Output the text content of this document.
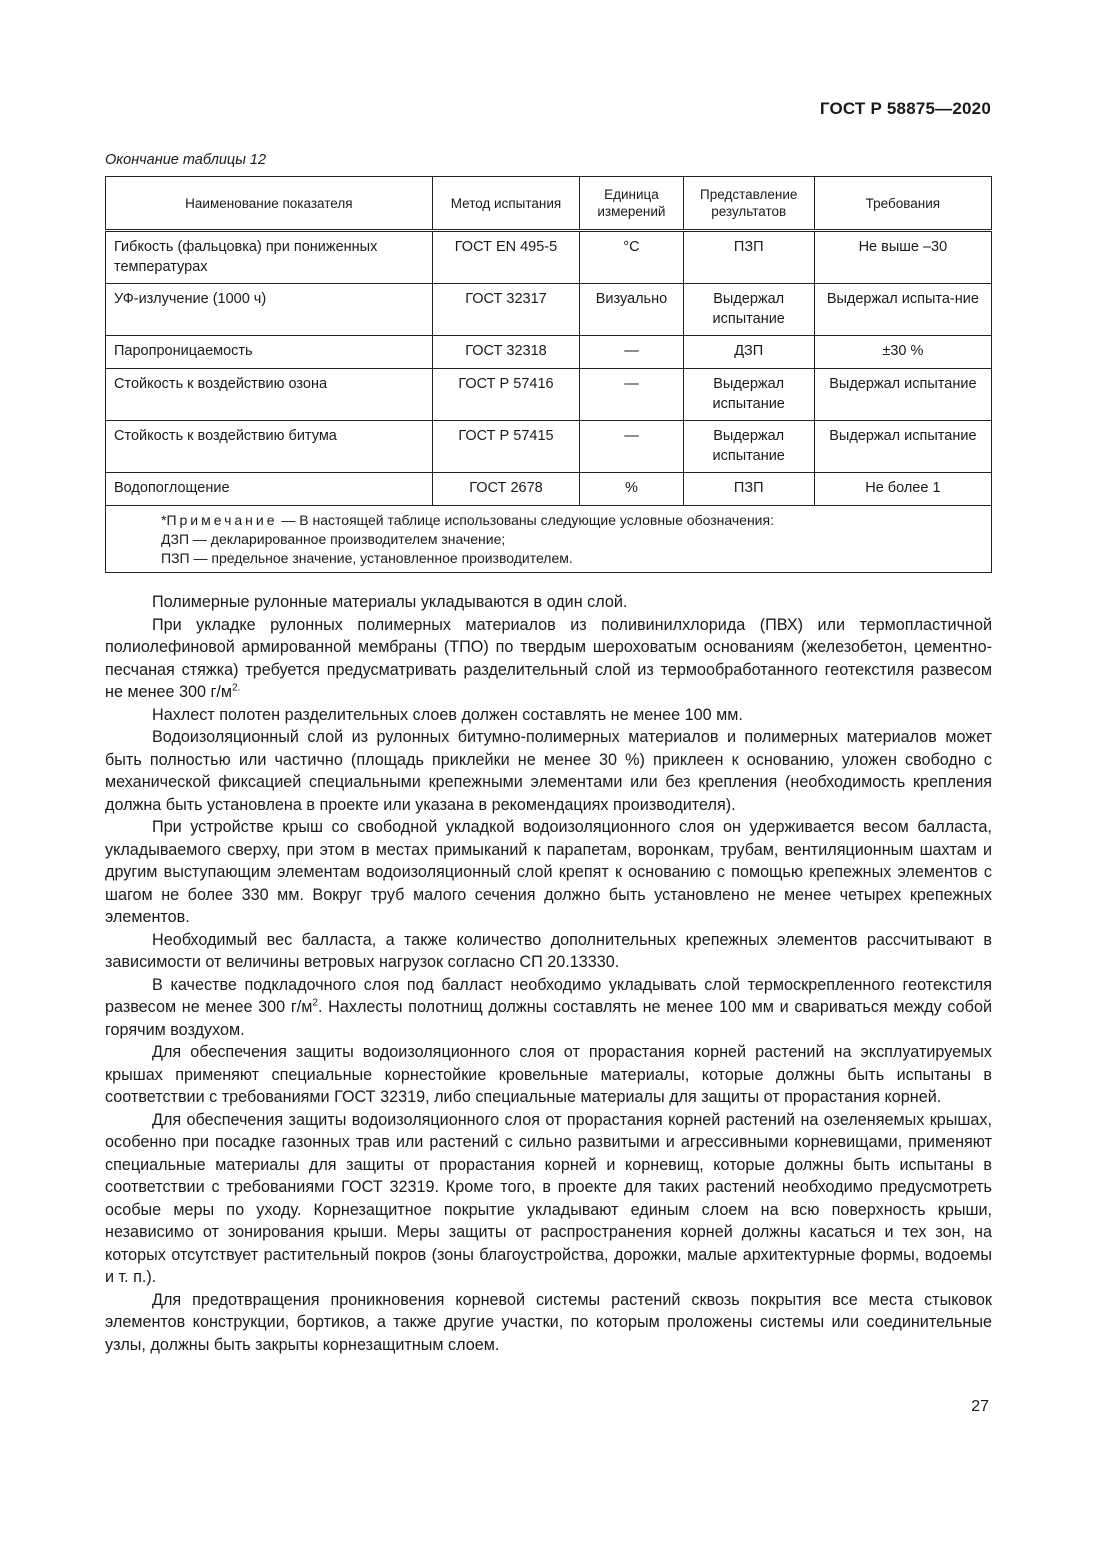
ГОСТ Р 58875—2020
Окончание таблицы 12
Наименование показателя	Метод испытания	Единица измерений	Представление результатов	Требования
Гибкость (фальцовка) при пониженных температурах	ГОСТ EN 495-5	°С	ПЗП	Не выше –30
УФ-излучение (1000 ч)	ГОСТ 32317	Визуально	Выдержал испытание	Выдержал испыта-ние
Паропроницаемость	ГОСТ 32318	—	ДЗП	±30 %
Стойкость к воздействию озона	ГОСТ Р 57416	—	Выдержал испытание	Выдержал испытание
Стойкость к воздействию битума	ГОСТ Р 57415	—	Выдержал испытание	Выдержал испытание
Водопоглощение	ГОСТ 2678	%	ПЗП	Не более 1

*Примечание — В настоящей таблице использованы следующие условные обозначения:
ДЗП — декларированное производителем значение;
ПЗП — предельное значение, установленное производителем.				

Полимерные рулонные материалы укладываются в один слой.

При укладке рулонных полимерных материалов из поливинилхлорида (ПВХ) или термопластичной полиолефиновой армированной мембраны (ТПО) по твердым шероховатым основаниям (железобетон, цементно-песчаная стяжка) требуется предусматривать разделительный слой из термообработанного геотекстиля развесом не менее 300 $г/м^{2.}$

Нахлест полотен разделительных слоев должен составлять не менее 100 мм.

Водоизоляционный слой из рулонных битумно-полимерных материалов и полимерных материалов может быть полностью или частично (площадь приклейки не менее 30 %) приклеен к основанию, уложен свободно с механической фиксацией специальными крепежными элементами или без крепления (необходимость крепления должна быть установлена в проекте или указана в рекомендациях производителя).

При устройстве крыш со свободной укладкой водоизоляционного слоя он удерживается весом балласта, укладываемого сверху, при этом в местах примыканий к парапетам, воронкам, трубам, вентиляционным шахтам и другим выступающим элементам водоизоляционный слой крепят к основанию с помощью крепежных элементов с шагом не более 330 мм. Вокруг труб малого сечения должно быть установлено не менее четырех крепежных элементов.

Необходимый вес балласта, а также количество дополнительных крепежных элементов рассчитывают в зависимости от величины ветровых нагрузок согласно СП 20.13330.

В качестве подкладочного слоя под балласт необходимо укладывать слой термоскрепленного геотекстиля развесом не менее 300 $г/м^2$. Нахлесты полотнищ должны составлять не менее 100 мм и свариваться между собой горячим воздухом.

Для обеспечения защиты водоизоляционного слоя от прорастания корней растений на эксплуатируемых крышах применяют специальные корнестойкие кровельные материалы, которые должны быть испытаны в соответствии с требованиями ГОСТ 32319, либо специальные материалы для защиты от прорастания корней.

Для обеспечения защиты водоизоляционного слоя от прорастания корней растений на озеленяемых крышах, особенно при посадке газонных трав или растений с сильно развитыми и агрессивными корневищами, применяют специальные материалы для защиты от прорастания корней и корневищ, которые должны быть испытаны в соответствии с требованиями ГОСТ 32319. Кроме того, в проекте для таких растений необходимо предусмотреть особые меры по уходу. Корнезащитное покрытие укладывают единым слоем на всю поверхность крыши, независимо от зонирования крыши. Меры защиты от распространения корней должны касаться и тех зон, на которых отсутствует растительный покров (зоны благоустройства, дорожки, малые архитектурные формы, водоемы и т. п.).

Для предотвращения проникновения корневой системы растений сквозь покрытия все места стыковок элементов конструкции, бортиков, а также другие участки, по которым проложены системы или соединительные узлы, должны быть закрыты корнезащитным слоем.

27
